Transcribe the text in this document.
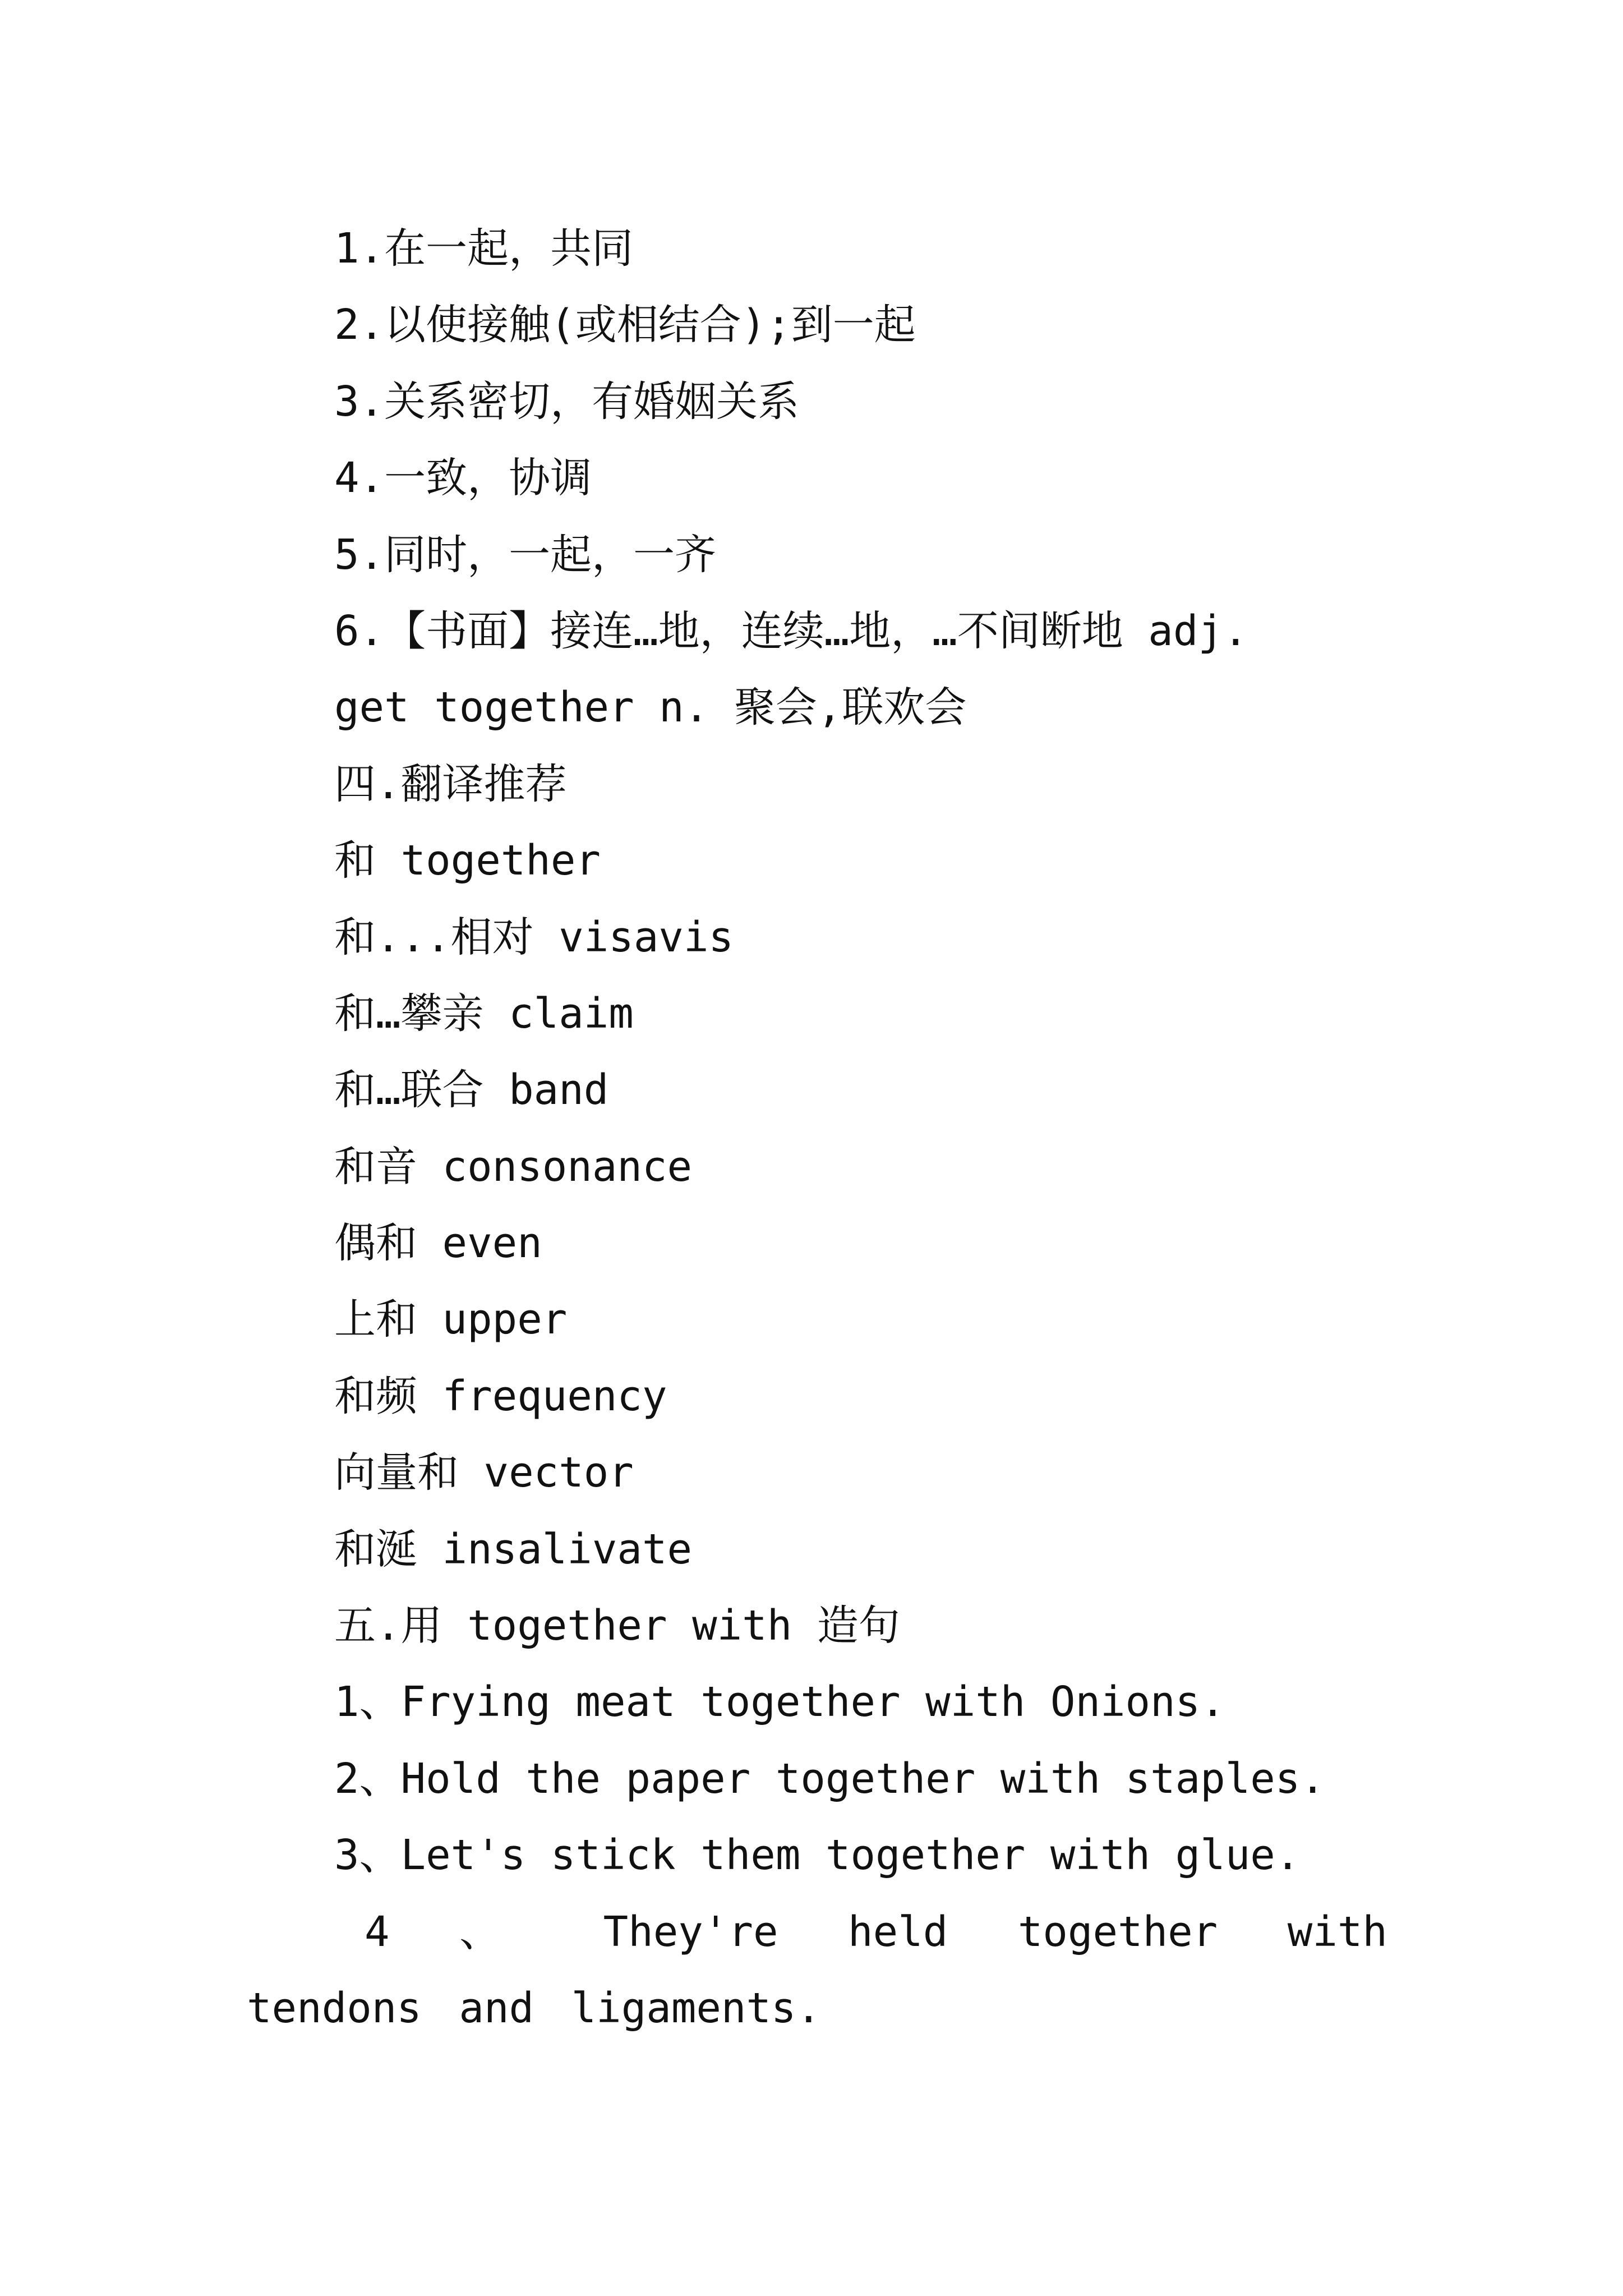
1.在一起，共同
2.以使接触(或相结合);到一起
3.关系密切，有婚姻关系
4.一致，协调
5.同时，一起，一齐
6.【书面】接连…地，连续…地，…不间断地 adj.
get together n. 聚会,联欢会
四.翻译推荐
和 together
和...相对 visavis
和…攀亲 claim
和…联合 band
和音 consonance
偶和 even
上和 upper
和频 frequency
向量和 vector
和涎 insalivate
五.用 together with 造句
1、Frying meat together with Onions.
2、Hold the paper together with staples.
3、Let's stick them together with glue.
4 、 They're held together with tendons and ligaments.
